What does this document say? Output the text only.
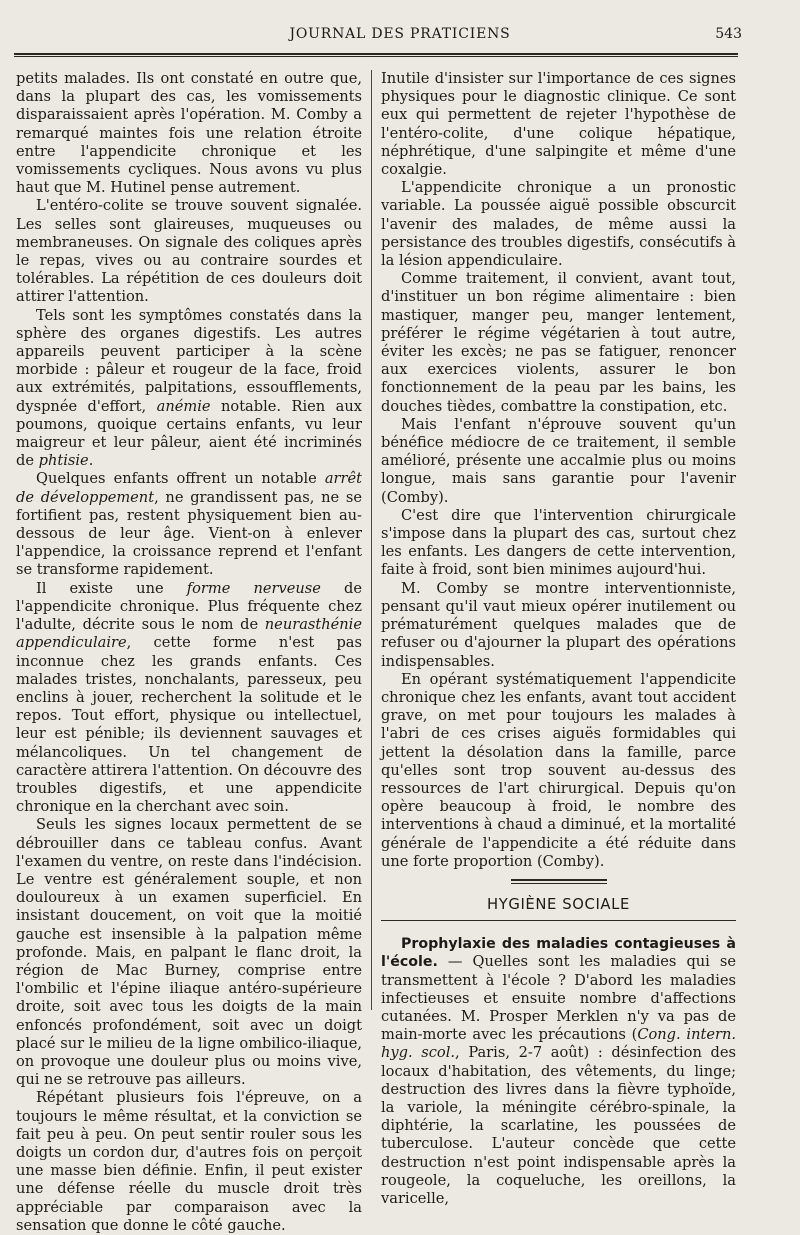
JOURNAL DES PRATICIENS	543

petits malades. Ils ont constaté en outre que, dans la plupart des cas, les vomissements disparaissaient après l'opération. M. Comby a remarqué maintes fois une relation étroite entre l'appendicite chronique et les vomissements cycliques. Nous avons vu plus haut que M. Hutinel pense autrement.

L'entéro-colite se trouve souvent signalée. Les selles sont glaireuses, muqueuses ou membraneuses. On signale des coliques après le repas, vives ou au contraire sourdes et tolérables. La répétition de ces douleurs doit attirer l'attention.

Tels sont les symptômes constatés dans la sphère des organes digestifs. Les autres appareils peuvent participer à la scène morbide : pâleur et rougeur de la face, froid aux extrémités, palpitations, essoufflements, dyspnée d'effort, anémie notable. Rien aux poumons, quoique certains enfants, vu leur maigreur et leur pâleur, aient été incriminés de phtisie.

Quelques enfants offrent un notable arrêt de développement, ne grandissent pas, ne se fortifient pas, restent physiquement bien au-dessous de leur âge. Vient-on à enlever l'appendice, la croissance reprend et l'enfant se transforme rapidement.

Il existe une forme nerveuse de l'appendicite chronique. Plus fréquente chez l'adulte, décrite sous le nom de neurasthénie appendiculaire, cette forme n'est pas inconnue chez les grands enfants. Ces malades tristes, nonchalants, paresseux, peu enclins à jouer, recherchent la solitude et le repos. Tout effort, physique ou intellectuel, leur est pénible; ils deviennent sauvages et mélancoliques. Un tel changement de caractère attirera l'attention. On découvre des troubles digestifs, et une appendicite chronique en la cherchant avec soin.

Seuls les signes locaux permettent de se débrouiller dans ce tableau confus. Avant l'examen du ventre, on reste dans l'indécision. Le ventre est généralement souple, et non douloureux à un examen superficiel. En insistant doucement, on voit que la moitié gauche est insensible à la palpation même profonde. Mais, en palpant le flanc droit, la région de Mac Burney, comprise entre l'ombilic et l'épine iliaque antéro-supérieure droite, soit avec tous les doigts de la main enfoncés profondément, soit avec un doigt placé sur le milieu de la ligne ombilico-iliaque, on provoque une douleur plus ou moins vive, qui ne se retrouve pas ailleurs.

Répétant plusieurs fois l'épreuve, on a toujours le même résultat, et la conviction se fait peu à peu. On peut sentir rouler sous les doigts un cordon dur, d'autres fois on perçoit une masse bien définie. Enfin, il peut exister une défense réelle du muscle droit très appréciable par comparaison avec la sensation que donne le côté gauche.

Inutile d'insister sur l'importance de ces signes physiques pour le diagnostic clinique. Ce sont eux qui permettent de rejeter l'hypothèse de l'entéro-colite, d'une colique hépatique, néphrétique, d'une salpingite et même d'une coxalgie.

L'appendicite chronique a un pronostic variable. La poussée aiguë possible obscurcit l'avenir des malades, de même aussi la persistance des troubles digestifs, consécutifs à la lésion appendiculaire.

Comme traitement, il convient, avant tout, d'instituer un bon régime alimentaire : bien mastiquer, manger peu, manger lentement, préférer le régime végétarien à tout autre, éviter les excès; ne pas se fatiguer, renoncer aux exercices violents, assurer le bon fonctionnement de la peau par les bains, les douches tièdes, combattre la constipation, etc.

Mais l'enfant n'éprouve souvent qu'un bénéfice médiocre de ce traitement, il semble amélioré, présente une accalmie plus ou moins longue, mais sans garantie pour l'avenir (Comby).

C'est dire que l'intervention chirurgicale s'impose dans la plupart des cas, surtout chez les enfants. Les dangers de cette intervention, faite à froid, sont bien minimes aujourd'hui.

M. Comby se montre interventionniste, pensant qu'il vaut mieux opérer inutilement ou prématurément quelques malades que de refuser ou d'ajourner la plupart des opérations indispensables.

En opérant systématiquement l'appendicite chronique chez les enfants, avant tout accident grave, on met pour toujours les malades à l'abri de ces crises aiguës formidables qui jettent la désolation dans la famille, parce qu'elles sont trop souvent au-dessus des ressources de l'art chirurgical. Depuis qu'on opère beaucoup à froid, le nombre des interventions à chaud a diminué, et la mortalité générale de l'appendicite a été réduite dans une forte proportion (Comby).

HYGIÈNE SOCIALE

Prophylaxie des maladies contagieuses à l'école. — Quelles sont les maladies qui se transmettent à l'école ? D'abord les maladies infectieuses et ensuite nombre d'affections cutanées. M. Prosper Merklen n'y va pas de main-morte avec les précautions (Cong. intern. hyg. scol., Paris, 2-7 août) : désinfection des locaux d'habitation, des vêtements, du linge; destruction des livres dans la fièvre typhoïde, la variole, la méningite cérébro-spinale, la diphtérie, la scarlatine, les poussées de tuberculose. L'auteur concède que cette destruction n'est point indispensable après la rougeole, la coqueluche, les oreillons, la varicelle,
